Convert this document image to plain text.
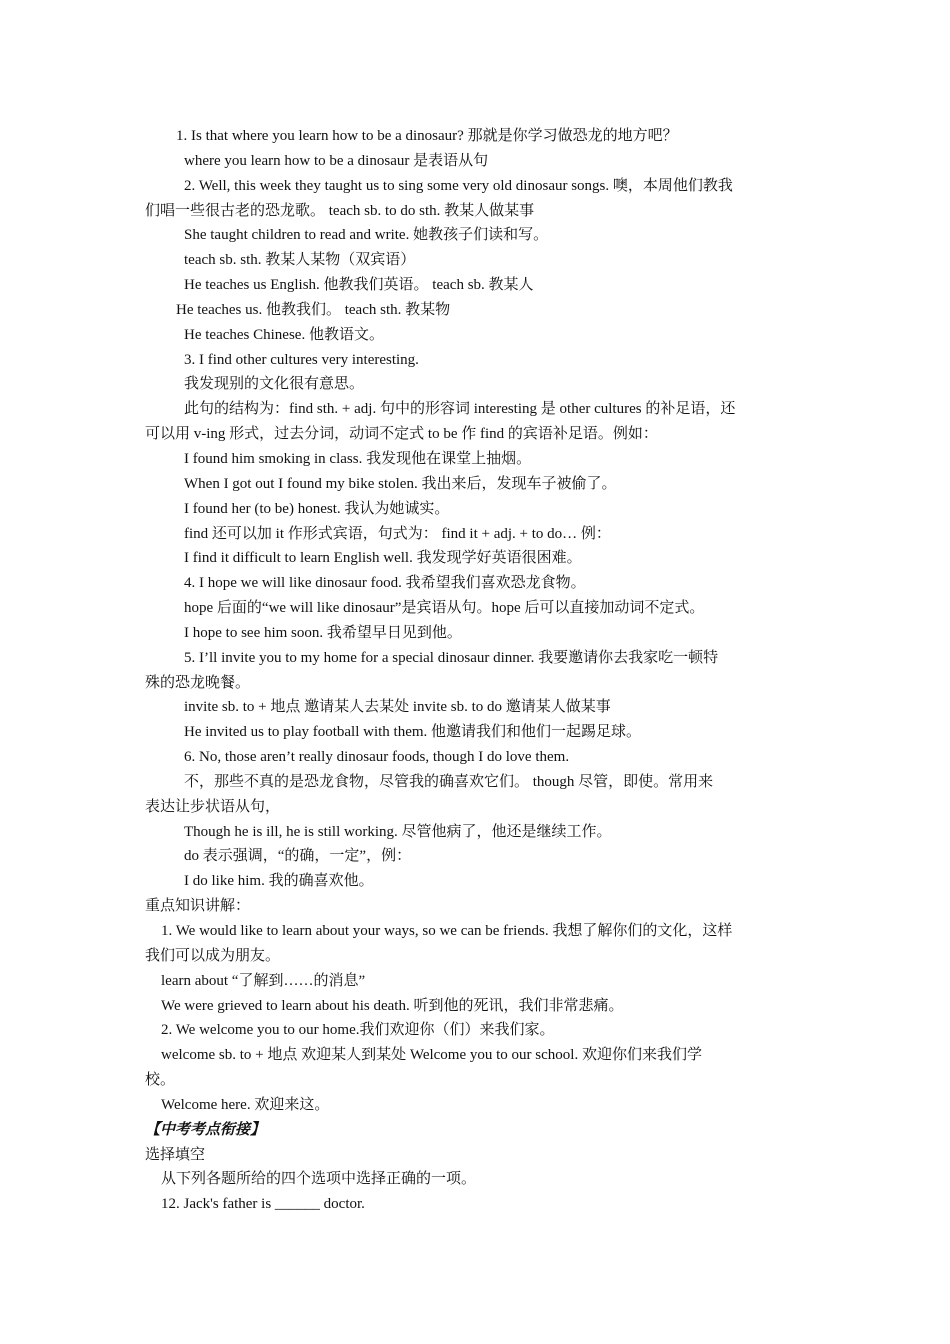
1. Is that where you learn how to be a dinosaur? 那就是你学习做恐龙的地方吧？
where you learn how to be a dinosaur 是表语从句
2. Well, this week they taught us to sing some very old dinosaur songs. 噢，本周他们教我
们唱一些很古老的恐龙歌。 teach sb. to do sth. 教某人做某事
She taught children to read and write. 她教孩子们读和写。
teach sb. sth. 教某人某物（双宾语）
He teaches us English. 他教我们英语。 teach sb. 教某人
He teaches us. 他教我们。 teach sth. 教某物
He teaches Chinese. 他教语文。
3. I find other cultures very interesting.
我发现别的文化很有意思。
此句的结构为：find sth. + adj. 句中的形容词 interesting 是 other cultures 的补足语，还
可以用 v-ing 形式，过去分词，动词不定式 to be 作 find 的宾语补足语。例如：
I found him smoking in class. 我发现他在课堂上抽烟。
When I got out I found my bike stolen. 我出来后，发现车子被偷了。
I found her (to be) honest. 我认为她诚实。
find 还可以加 it 作形式宾语，句式为： find it + adj. + to do… 例：
I find it difficult to learn English well. 我发现学好英语很困难。
4. I hope we will like dinosaur food. 我希望我们喜欢恐龙食物。
hope 后面的“we will like dinosaur”是宾语从句。hope 后可以直接加动词不定式。
I hope to see him soon. 我希望早日见到他。
5. I’ll invite you to my home for a special dinosaur dinner. 我要邀请你去我家吃一顿特
殊的恐龙晚餐。
invite sb. to + 地点 邀请某人去某处 invite sb. to do 邀请某人做某事
He invited us to play football with them. 他邀请我们和他们一起踢足球。
6. No, those aren’t really dinosaur foods, though I do love them.
不，那些不真的是恐龙食物，尽管我的确喜欢它们。 though 尽管，即使。常用来
表达让步状语从句，
Though he is ill, he is still working. 尽管他病了，他还是继续工作。
do 表示强调，“的确，一定”，例：
I do like him. 我的确喜欢他。
重点知识讲解：
1. We would like to learn about your ways, so we can be friends. 我想了解你们的文化，这样
我们可以成为朋友。
learn about “了解到……的消息”
We were grieved to learn about his death. 听到他的死讯，我们非常悲痛。
2. We welcome you to our home.我们欢迎你（们）来我们家。
welcome sb. to + 地点 欢迎某人到某处 Welcome you to our school. 欢迎你们来我们学
校。
Welcome here. 欢迎来这。
【中考考点衔接】
选择填空
从下列各题所给的四个选项中选择正确的一项。
12. Jack's father is ______ doctor.
